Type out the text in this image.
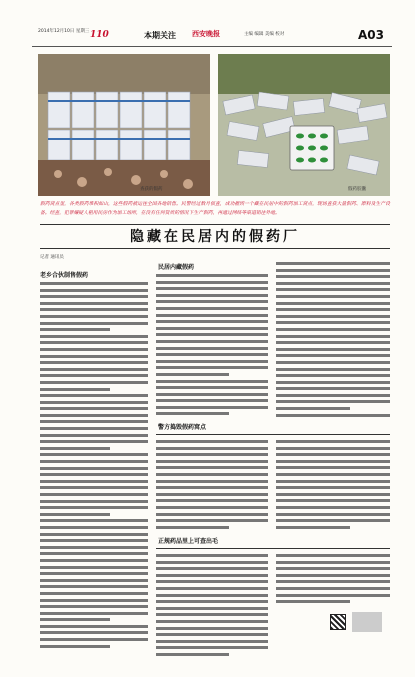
2014年12月10日 星期三 110	本期关注 西安晚报	主编 编辑 美编 校对	A03
查获的假药	假药胶囊

假药窝点里，各类假药堆积如山，这些假药被运往全国各地销售。民警经过数月侦查，成功摧毁一个藏在民居中的假药加工窝点，现场查获大量假药、原料及生产设备。经查，犯罪嫌疑人租用民房作为加工场所，在没有任何资质的情况下生产假药，再通过网络等渠道销往外地。

隐藏在民居内的假药厂
记者 通讯员
老乡合伙制售假药
民居内藏假药
警方捣毁假药窝点
正规药品里上可查出毛
